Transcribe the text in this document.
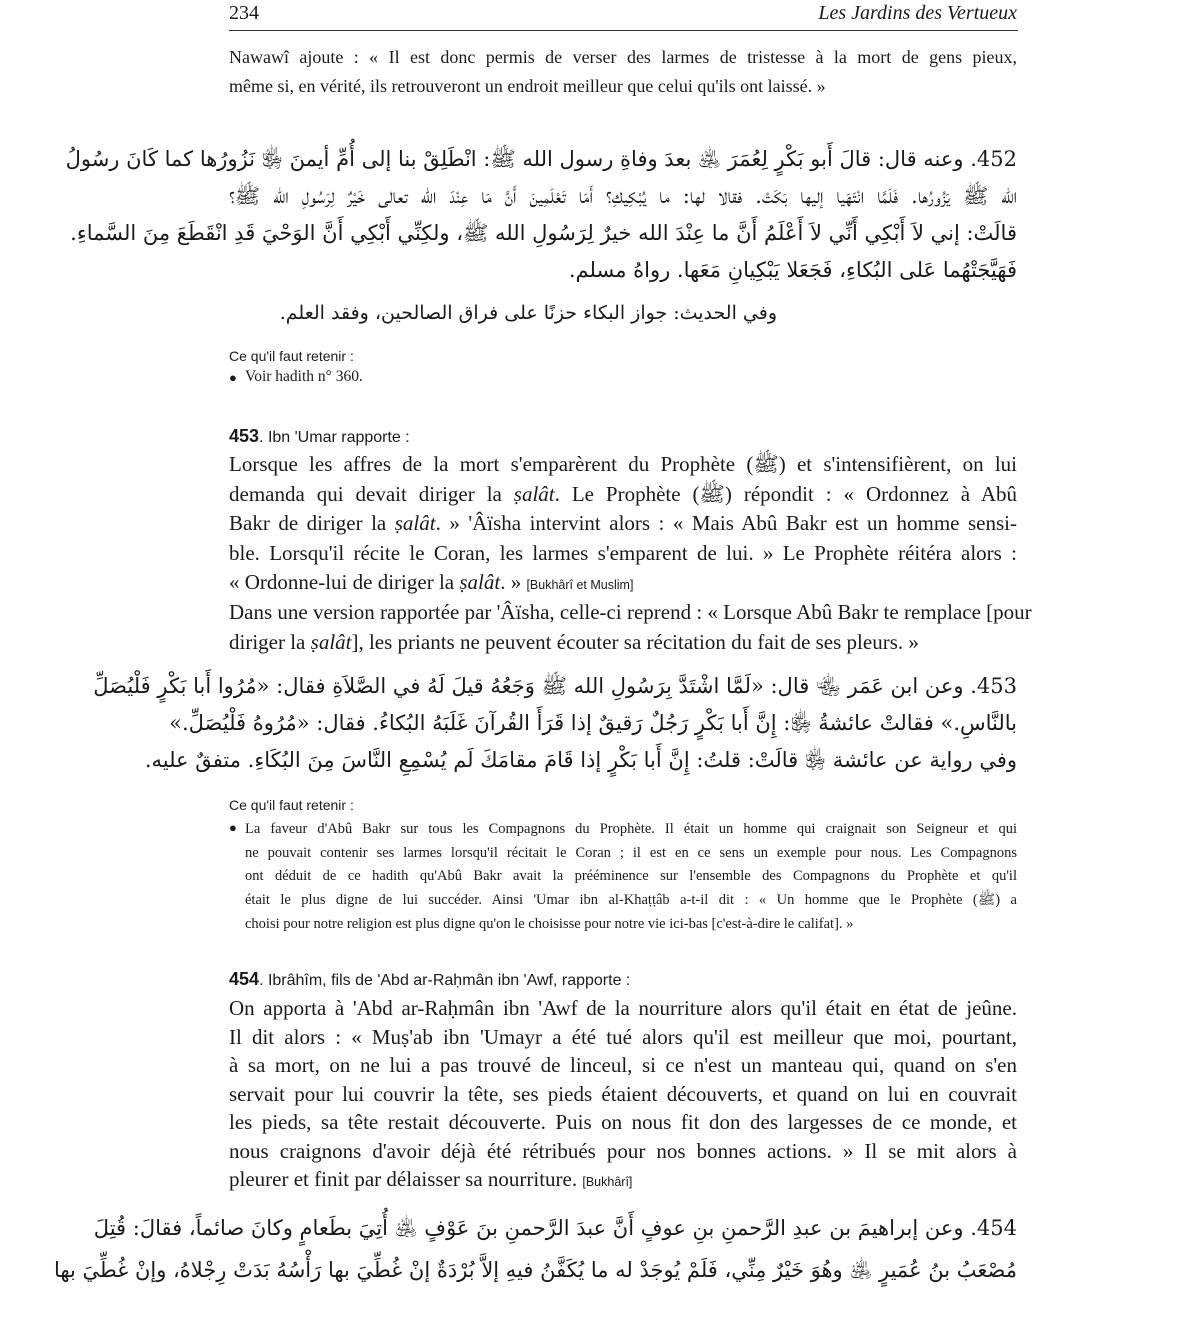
234	Les Jardins des Vertueux
Nawawî ajoute : « Il est donc permis de verser des larmes de tristesse à la mort de gens pieux,
même si, en vérité, ils retrouveront un endroit meilleur que celui qu'ils ont laissé. »
452. وعنه قال: قالَ أَبو بَكْرٍ لِعُمَرَ ﵁ بعدَ وفاةِ رسول الله ﷺ: انْطَلِقْ بنا إلى أُمِّ أيمنَ ﵂ نَزُورُها كما كَانَ رسُولُ
الله ﷺ يَزُورُها. فَلَمَّا انْتَهَيا إليها بَكَتْ. فقالا لها: ما يُبْكِيكِ؟ أَمَا تَعْلَمِينَ أَنَّ مَا عِنْدَ الله تعالى خَيْرٌ لِرَسُولِ الله ﷺ؟
قالَتْ: إني لاَ أَبْكِي أَنِّي لاَ أَعْلَمُ أَنَّ ما عِنْدَ الله خيرٌ لِرَسُولِ الله ﷺ، ولكِنِّي أَبْكِي أَنَّ الوَحْيَ قَدِ انْقَطَعَ مِنَ السَّماءِ.
فَهَيَّجَتْهُما عَلى البُكاءِ، فَجَعَلا يَبْكِيانِ مَعَها. رواهُ مسلم.
وفي الحديث: جواز البكاء حزنًا على فراق الصالحين، وفقد العلم.
Ce qu'il faut retenir :
● Voir hadith n° 360.
453. Ibn 'Umar rapporte :
Lorsque les affres de la mort s'emparèrent du Prophète (ﷺ) et s'intensifièrent, on lui
demanda qui devait diriger la ṣalât. Le Prophète (ﷺ) répondit : « Ordonnez à Abû
Bakr de diriger la ṣalât. » 'Âïsha intervint alors : « Mais Abû Bakr est un homme sensi-
ble. Lorsqu'il récite le Coran, les larmes s'emparent de lui. » Le Prophète réitéra alors :
« Ordonne-lui de diriger la ṣalât. » [Bukhârî et Muslim]
Dans une version rapportée par 'Âïsha, celle-ci reprend : « Lorsque Abû Bakr te remplace [pour
diriger la ṣalât], les priants ne peuvent écouter sa récitation du fait de ses pleurs. »
453. وعن ابن عَمَر ﵄ قال: «لَمَّا اشْتَدَّ بِرَسُولِ الله ﷺ وَجَعُهُ قيلَ لَهُ في الصَّلاَةِ فقال: «مُرُوا أَبا بَكْرٍ فَلْيُصَلِّ
بالنَّاسِ.» فقالتْ عائشةُ ﵂: إِنَّ أَبا بَكْرٍ رَجُلٌ رَقيقٌ إذا قَرَأَ القُرآنَ غَلَبَهُ البُكاءُ. فقال: «مُرُوهُ فَلْيُصَلِّ.»
وفي رواية عن عائشة ﵂ قالَتْ: قلتُ: إِنَّ أَبا بَكْرٍ إذا قَامَ مقامَكَ لَم يُسْمِعِ النَّاسَ مِنَ البُكَاءِ. متفقٌ عليه.
Ce qu'il faut retenir :
● La faveur d'Abû Bakr sur tous les Compagnons du Prophète. Il était un homme qui craignait son Seigneur et qui
ne pouvait contenir ses larmes lorsqu'il récitait le Coran ; il est en ce sens un exemple pour nous. Les Compagnons
ont déduit de ce hadith qu'Abû Bakr avait la prééminence sur l'ensemble des Compagnons du Prophète et qu'il
était le plus digne de lui succéder. Ainsi 'Umar ibn al-Khaṭṭâb a-t-il dit : « Un homme que le Prophète (ﷺ) a
choisi pour notre religion est plus digne qu'on le choisisse pour notre vie ici-bas [c'est-à-dire le califat]. »
454. Ibrâhîm, fils de 'Abd ar-Raḥmân ibn 'Awf, rapporte :
On apporta à 'Abd ar-Raḥmân ibn 'Awf de la nourriture alors qu'il était en état de jeûne.
Il dit alors : « Muṣ'ab ibn 'Umayr a été tué alors qu'il est meilleur que moi, pourtant,
à sa mort, on ne lui a pas trouvé de linceul, si ce n'est un manteau qui, quand on s'en
servait pour lui couvrir la tête, ses pieds étaient découverts, et quand on lui en couvrait
les pieds, sa tête restait découverte. Puis on nous fit don des largesses de ce monde, et
nous craignons d'avoir déjà été rétribués pour nos bonnes actions. » Il se mit alors à
pleurer et finit par délaisser sa nourriture. [Bukhârî]
454. وعن إبراهيمَ بن عبدِ الرَّحمنِ بنِ عوفٍ أَنَّ عبدَ الرَّحمنِ بنَ عَوْفٍ ﵁ أُتِيَ بطَعامٍ وكانَ صائماً، فقالَ: قُتِلَ
مُصْعَبُ بنُ عُمَيرٍ ﵁ وهُوَ خَيْرٌ مِنِّي، فَلَمْ يُوجَدْ له ما يُكَفَّنُ فيهِ إلاَّ بُرْدَةٌ إنْ غُطِّيَ بها رَأْسُهُ بَدَتْ رِجْلاهُ، وإنْ غُطِّيَ بها
